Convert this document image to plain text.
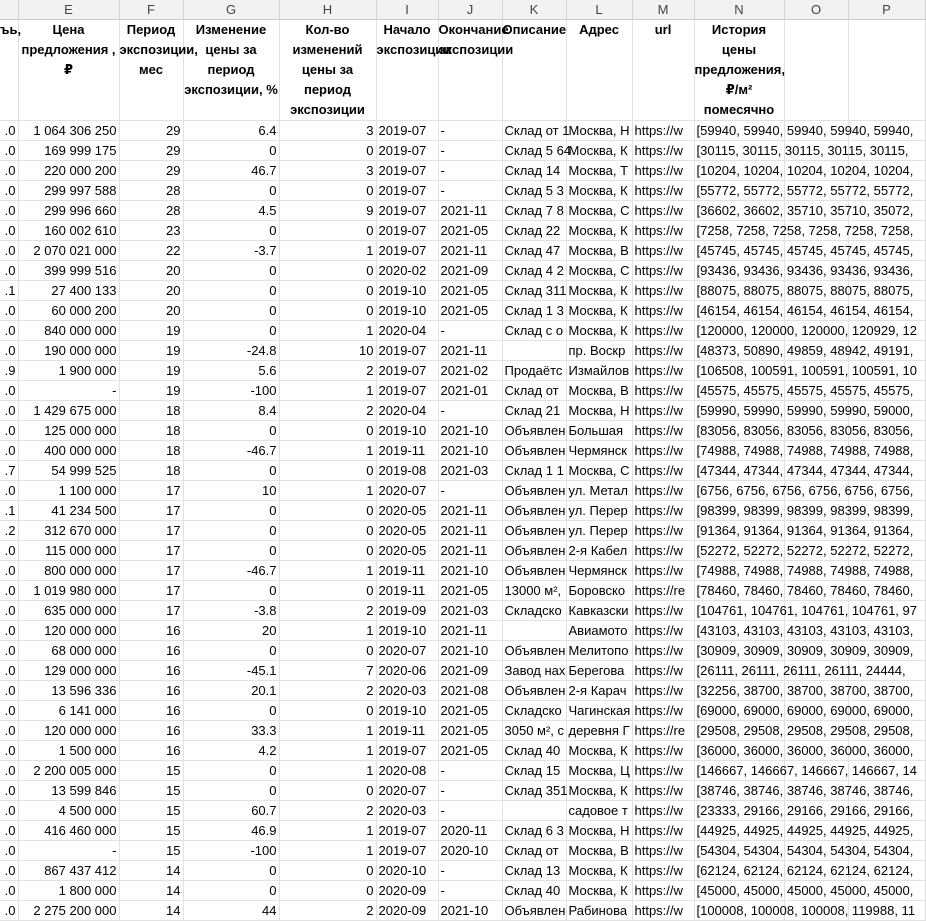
	E	F	G	H	I	J	K	L	M	N	O	P
ъь,	Цена предложения , ₽	Период экспозиции, мес	Изменение цены за период экспозиции, %	Кол-во изменений цены за период экспозиции	Начало экспозиции	Окончание экспозиции	Описание	Адрес	url	История цены предложения, ₽/м² помесячно		
.0	1 064 306 250	29	6.4	3	2019-07	-	Склад от 1	Москва, Н	https://w	[59940, 59940, 59940, 59940, 59940,		
.0	169 999 175	29	0	0	2019-07	-	Склад 5 64	Москва, К	https://w	[30115, 30115, 30115, 30115, 30115,		
.0	220 000 200	29	46.7	3	2019-07	-	Склад 14	Москва, Т	https://w	[10204, 10204, 10204, 10204, 10204,		
.0	299 997 588	28	0	0	2019-07	-	Склад 5 3	Москва, К	https://w	[55772, 55772, 55772, 55772, 55772,		
.0	299 996 660	28	4.5	9	2019-07	2021-11	Склад 7 8	Москва, С	https://w	[36602, 36602, 35710, 35710, 35072,		
.0	160 002 610	23	0	0	2019-07	2021-05	Склад 22	Москва, К	https://w	[7258, 7258, 7258, 7258, 7258, 7258,		
.0	2 070 021 000	22	-3.7	1	2019-07	2021-11	Склад 47	Москва, В	https://w	[45745, 45745, 45745, 45745, 45745,		
.0	399 999 516	20	0	0	2020-02	2021-09	Склад 4 2	Москва, С	https://w	[93436, 93436, 93436, 93436, 93436,		
.1	27 400 133	20	0	0	2019-10	2021-05	Склад 311	Москва, К	https://w	[88075, 88075, 88075, 88075, 88075,		
.0	60 000 200	20	0	0	2019-10	2021-05	Склад 1 3	Москва, К	https://w	[46154, 46154, 46154, 46154, 46154,		
.0	840 000 000	19	0	1	2020-04	-	Склад с о	Москва, К	https://w	[120000, 120000, 120000, 120929, 12		
.0	190 000 000	19	-24.8	10	2019-07	2021-11		пр. Воскр	https://w	[48373, 50890, 49859, 48942, 49191,		
.9	1 900 000	19	5.6	2	2019-07	2021-02	Продаётс	Измайлов	https://w	[106508, 100591, 100591, 100591, 10		
.0	-	19	-100	1	2019-07	2021-01	Склад от	Москва, В	https://w	[45575, 45575, 45575, 45575, 45575,		
.0	1 429 675 000	18	8.4	2	2020-04	-	Склад 21	Москва, Н	https://w	[59990, 59990, 59990, 59990, 59000,		
.0	125 000 000	18	0	0	2019-10	2021-10	Объявлен	Большая	https://w	[83056, 83056, 83056, 83056, 83056,		
.0	400 000 000	18	-46.7	1	2019-11	2021-10	Объявлен	Чермянск	https://w	[74988, 74988, 74988, 74988, 74988,		
.7	54 999 525	18	0	0	2019-08	2021-03	Склад 1 1	Москва, С	https://w	[47344, 47344, 47344, 47344, 47344,		
.0	1 100 000	17	10	1	2020-07	-	Объявлен	ул. Метал	https://w	[6756, 6756, 6756, 6756, 6756, 6756,		
.1	41 234 500	17	0	0	2020-05	2021-11	Объявлен	ул. Перер	https://w	[98399, 98399, 98399, 98399, 98399,		
.2	312 670 000	17	0	0	2020-05	2021-11	Объявлен	ул. Перер	https://w	[91364, 91364, 91364, 91364, 91364,		
.0	115 000 000	17	0	0	2020-05	2021-11	Объявлен	2-я Кабел	https://w	[52272, 52272, 52272, 52272, 52272,		
.0	800 000 000	17	-46.7	1	2019-11	2021-10	Объявлен	Чермянск	https://w	[74988, 74988, 74988, 74988, 74988,		
.0	1 019 980 000	17	0	0	2019-11	2021-05	13000 м²,	Боровско	https://re	[78460, 78460, 78460, 78460, 78460,		
.0	635 000 000	17	-3.8	2	2019-09	2021-03	Складско	Кавказски	https://w	[104761, 104761, 104761, 104761, 97		
.0	120 000 000	16	20	1	2019-10	2021-11		Авиамото	https://w	[43103, 43103, 43103, 43103, 43103,		
.0	68 000 000	16	0	0	2020-07	2021-10	Объявлен	Мелитопо	https://w	[30909, 30909, 30909, 30909, 30909,		
.0	129 000 000	16	-45.1	7	2020-06	2021-09	Завод нах	Берегова	https://w	[26111, 26111, 26111, 26111, 24444,		
.0	13 596 336	16	20.1	2	2020-03	2021-08	Объявлен	2-я Карач	https://w	[32256, 38700, 38700, 38700, 38700,		
.0	6 141 000	16	0	0	2019-10	2021-05	Складско	Чагинская	https://w	[69000, 69000, 69000, 69000, 69000,		
.0	120 000 000	16	33.3	1	2019-11	2021-05	3050 м², с	деревня Г	https://re	[29508, 29508, 29508, 29508, 29508,		
.0	1 500 000	16	4.2	1	2019-07	2021-05	Склад 40	Москва, К	https://w	[36000, 36000, 36000, 36000, 36000,		
.0	2 200 005 000	15	0	1	2020-08	-	Склад 15	Москва, Ц	https://w	[146667, 146667, 146667, 146667, 14		
.0	13 599 846	15	0	0	2020-07	-	Склад 351	Москва, К	https://w	[38746, 38746, 38746, 38746, 38746,		
.0	4 500 000	15	60.7	2	2020-03	-		садовое т	https://w	[23333, 29166, 29166, 29166, 29166,		
.0	416 460 000	15	46.9	1	2019-07	2020-11	Склад 6 3	Москва, Н	https://w	[44925, 44925, 44925, 44925, 44925,		
.0	-	15	-100	1	2019-07	2020-10	Склад от	Москва, В	https://w	[54304, 54304, 54304, 54304, 54304,		
.0	867 437 412	14	0	0	2020-10	-	Склад 13	Москва, К	https://w	[62124, 62124, 62124, 62124, 62124,		
.0	1 800 000	14	0	0	2020-09	-	Склад 40	Москва, К	https://w	[45000, 45000, 45000, 45000, 45000,		
.0	2 275 200 000	14	44	2	2020-09	2021-10	Объявлен	Рабинова	https://w	[100008, 100008, 100008, 119988, 11		
